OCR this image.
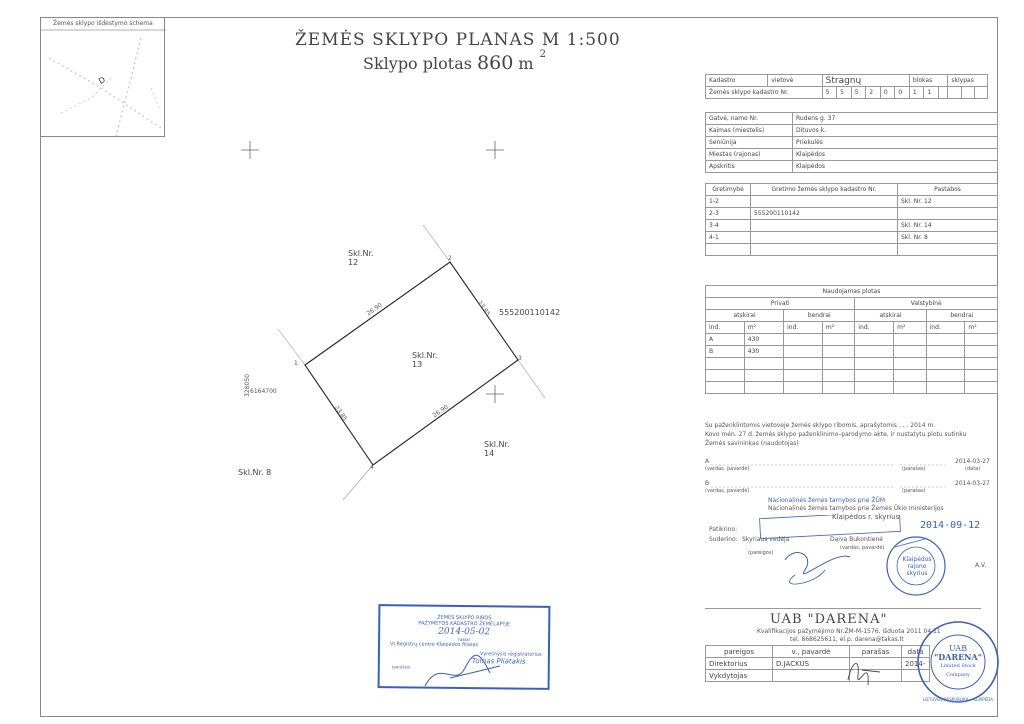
Žemės sklypo išdėstymo schema
D
ŽEMĖS SKLYPO PLANAS M 1:500
Sklypo plotas 860 m $^2$
1
2
3
4
26.90	23.85
26.90
23.85
Skl.Nr.
13
Skl.Nr.
12
Skl.Nr.
14
Skl.Nr. 8
555200110142
328050 6164700
Kadastro	vietovė	Stragnų						blokas			sklypas		
Žemės sklypo kadastro Nr.		5	5	5	2	0	0	1	1				
Gatvė, namo Nr.	Rudens g. 37
Kaimas (miestelis)	Dituvos k.
Seniūnija	Priekulės
Miestas (rajonas)	Klaipėdos
Apskritis	Klaipėdos
Gretimybė	Gretimo žemės sklypo kadastro Nr.	Pastabos
1-2		Skl. Nr. 12
2-3	555200110142	
3-4		Skl. Nr. 14
4-1		Skl. Nr. 8

Naudojamas plotas							
Privati				Valstybinė			
atskirai		bendrai		atskirai		bendrai	
ind.	m²	ind.	m²	ind.	m²	ind.	m²
A	430						
B	430						

Su paženklintomis vietoveje žemės sklypo ribomis, aprašytomis . . . 2014 m.
Kovo mėn. 27 d. žemės sklypo paženklinimo–parodymo akte, ir nustatytu plotu sutinku
Žemės savininkas (naudotojas)
A
(vardas, pavardė)	(parašas)
2014-03-27
(data)
B
(vardas, pavardė)	(parašas)
2014-03-27
Nacionalinės žemės tarnybos prie ŽŪM
Nacionalinės žemės tarnybos prie Žemės Ūkio ministerijos
Klaipėdos r. skyrius
Patikrino:
Suderino: Skyriaus vedėja
(pareigos)
Daiva Bukontienė
(vardas, pavardė)
2014-09-12
A.V.
Klaipėdos rajono skyrius
UAB "DARENA"
Kvalifikacijos pažymėjimo Nr.ŽM-M-1576, išduota 2011 04 11
tel. 868625611, el.p. darena@takas.lt
pareigos	v., pavardė	parašas	data
Direktorius	D.JACKUS		2014-
Vykdytojas			
UAB
"DARENA"
Limited Stock
Company
LIETUVOS RESPUBLIKA • KLAIPĖDA
ŽEMĖS SKLYPO RIBOS
PAŽYMĖTOS KADASTRO ŽEMĖLAPYJE
2014-05-02
(data)
VĮ Registrų centro Klaipėdos filialas
Vyresnysis registratorius
Tomas Pliatakis
(parašas)
